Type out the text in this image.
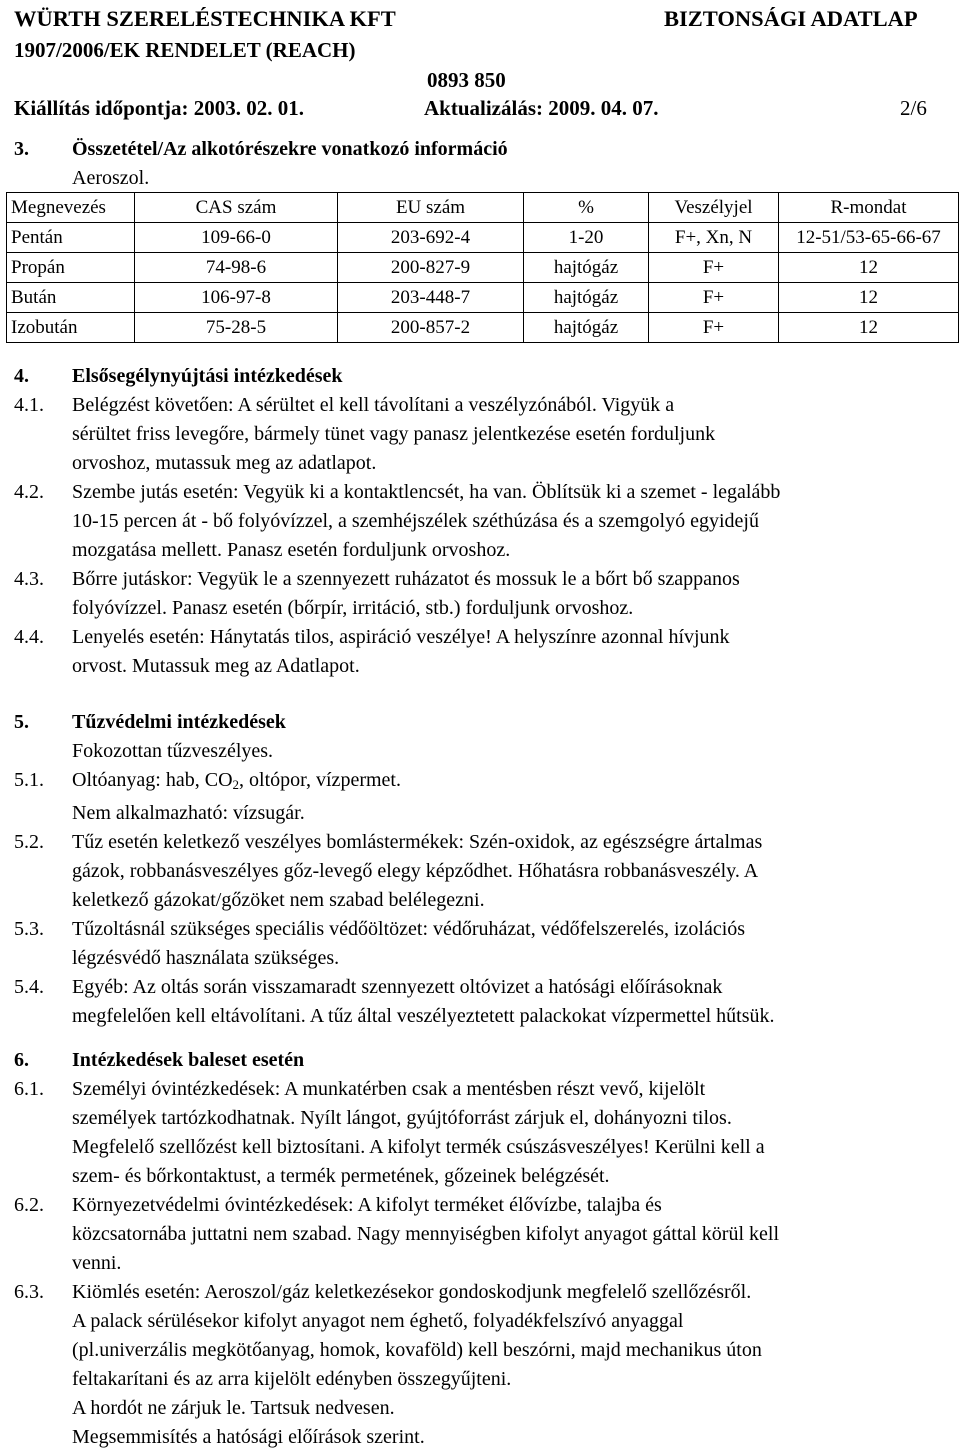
WÜRTH SZERELÉSTECHNIKA KFT	BIZTONSÁGI ADATLAP
1907/2006/EK RENDELET (REACH)
0893 850
Kiállítás időpontja: 2003. 02. 01.	Aktualizálás: 2009. 04. 07.	2/6
3.	Összetétel/Az alkotórészekre vonatkozó információ
Aeroszol.
Megnevezés	CAS szám	EU szám	%	Veszélyjel	R-mondat
Pentán	109-66-0	203-692-4	1-20	F+, Xn, N	12-51/53-65-66-67
Propán	74-98-6	200-827-9	hajtógáz	F+	12
Bután	106-97-8	203-448-7	hajtógáz	F+	12
Izobután	75-28-5	200-857-2	hajtógáz	F+	12
4.	Elsősegélynyújtási intézkedések
4.1.	Belégzést követően: A sérültet el kell távolítani a veszélyzónából. Vigyük a
sérültet friss levegőre, bármely tünet vagy panasz jelentkezése esetén forduljunk
orvoshoz, mutassuk meg az adatlapot.
4.2.	Szembe jutás esetén: Vegyük ki a kontaktlencsét, ha van. Öblítsük ki a szemet - legalább
10-15 percen át - bő folyóvízzel, a szemhéjszélek széthúzása és a szemgolyó egyidejű
mozgatása mellett. Panasz esetén forduljunk orvoshoz.
4.3.	Bőrre jutáskor: Vegyük le a szennyezett ruházatot és mossuk le a bőrt bő szappanos
folyóvízzel. Panasz esetén (bőrpír, irritáció, stb.) forduljunk orvoshoz.
4.4.	Lenyelés esetén: Hánytatás tilos, aspiráció veszélye! A helyszínre azonnal hívjunk
orvost. Mutassuk meg az Adatlapot.
5.	Tűzvédelmi intézkedések
Fokozottan tűzveszélyes.
5.1.	Oltóanyag: hab, $CO_2$, oltópor, vízpermet.
Nem alkalmazható: vízsugár.
5.2.	Tűz esetén keletkező veszélyes bomlástermékek: Szén-oxidok, az egészségre ártalmas
gázok, robbanásveszélyes gőz-levegő elegy képződhet. Hőhatásra robbanásveszély. A
keletkező gázokat/gőzöket nem szabad belélegezni.
5.3.	Tűzoltásnál szükséges speciális védőöltözet: védőruházat, védőfelszerelés, izolációs
légzésvédő használata szükséges.
5.4.	Egyéb: Az oltás során visszamaradt szennyezett oltóvizet a hatósági előírásoknak
megfelelően kell eltávolítani. A tűz által veszélyeztetett palackokat vízpermettel hűtsük.
6.	Intézkedések baleset esetén
6.1.	Személyi óvintézkedések: A munkatérben csak a mentésben részt vevő, kijelölt
személyek tartózkodhatnak. Nyílt lángot, gyújtóforrást zárjuk el, dohányozni tilos.
Megfelelő szellőzést kell biztosítani. A kifolyt termék csúszásveszélyes! Kerülni kell a
szem- és bőrkontaktust, a termék permetének, gőzeinek belégzését.
6.2.	Környezetvédelmi óvintézkedések: A kifolyt terméket élővízbe, talajba és
közcsatornába juttatni nem szabad. Nagy mennyiségben kifolyt anyagot gáttal körül kell
venni.
6.3.	Kiömlés esetén: Aeroszol/gáz keletkezésekor gondoskodjunk megfelelő szellőzésről.
A palack sérülésekor kifolyt anyagot nem éghető, folyadékfelszívó anyaggal
(pl.univerzális megkötőanyag, homok, kovaföld) kell beszórni, majd mechanikus úton
feltakarítani és az arra kijelölt edényben összegyűjteni.
A hordót ne zárjuk le. Tartsuk nedvesen.
Megsemmisítés a hatósági előírások szerint.
